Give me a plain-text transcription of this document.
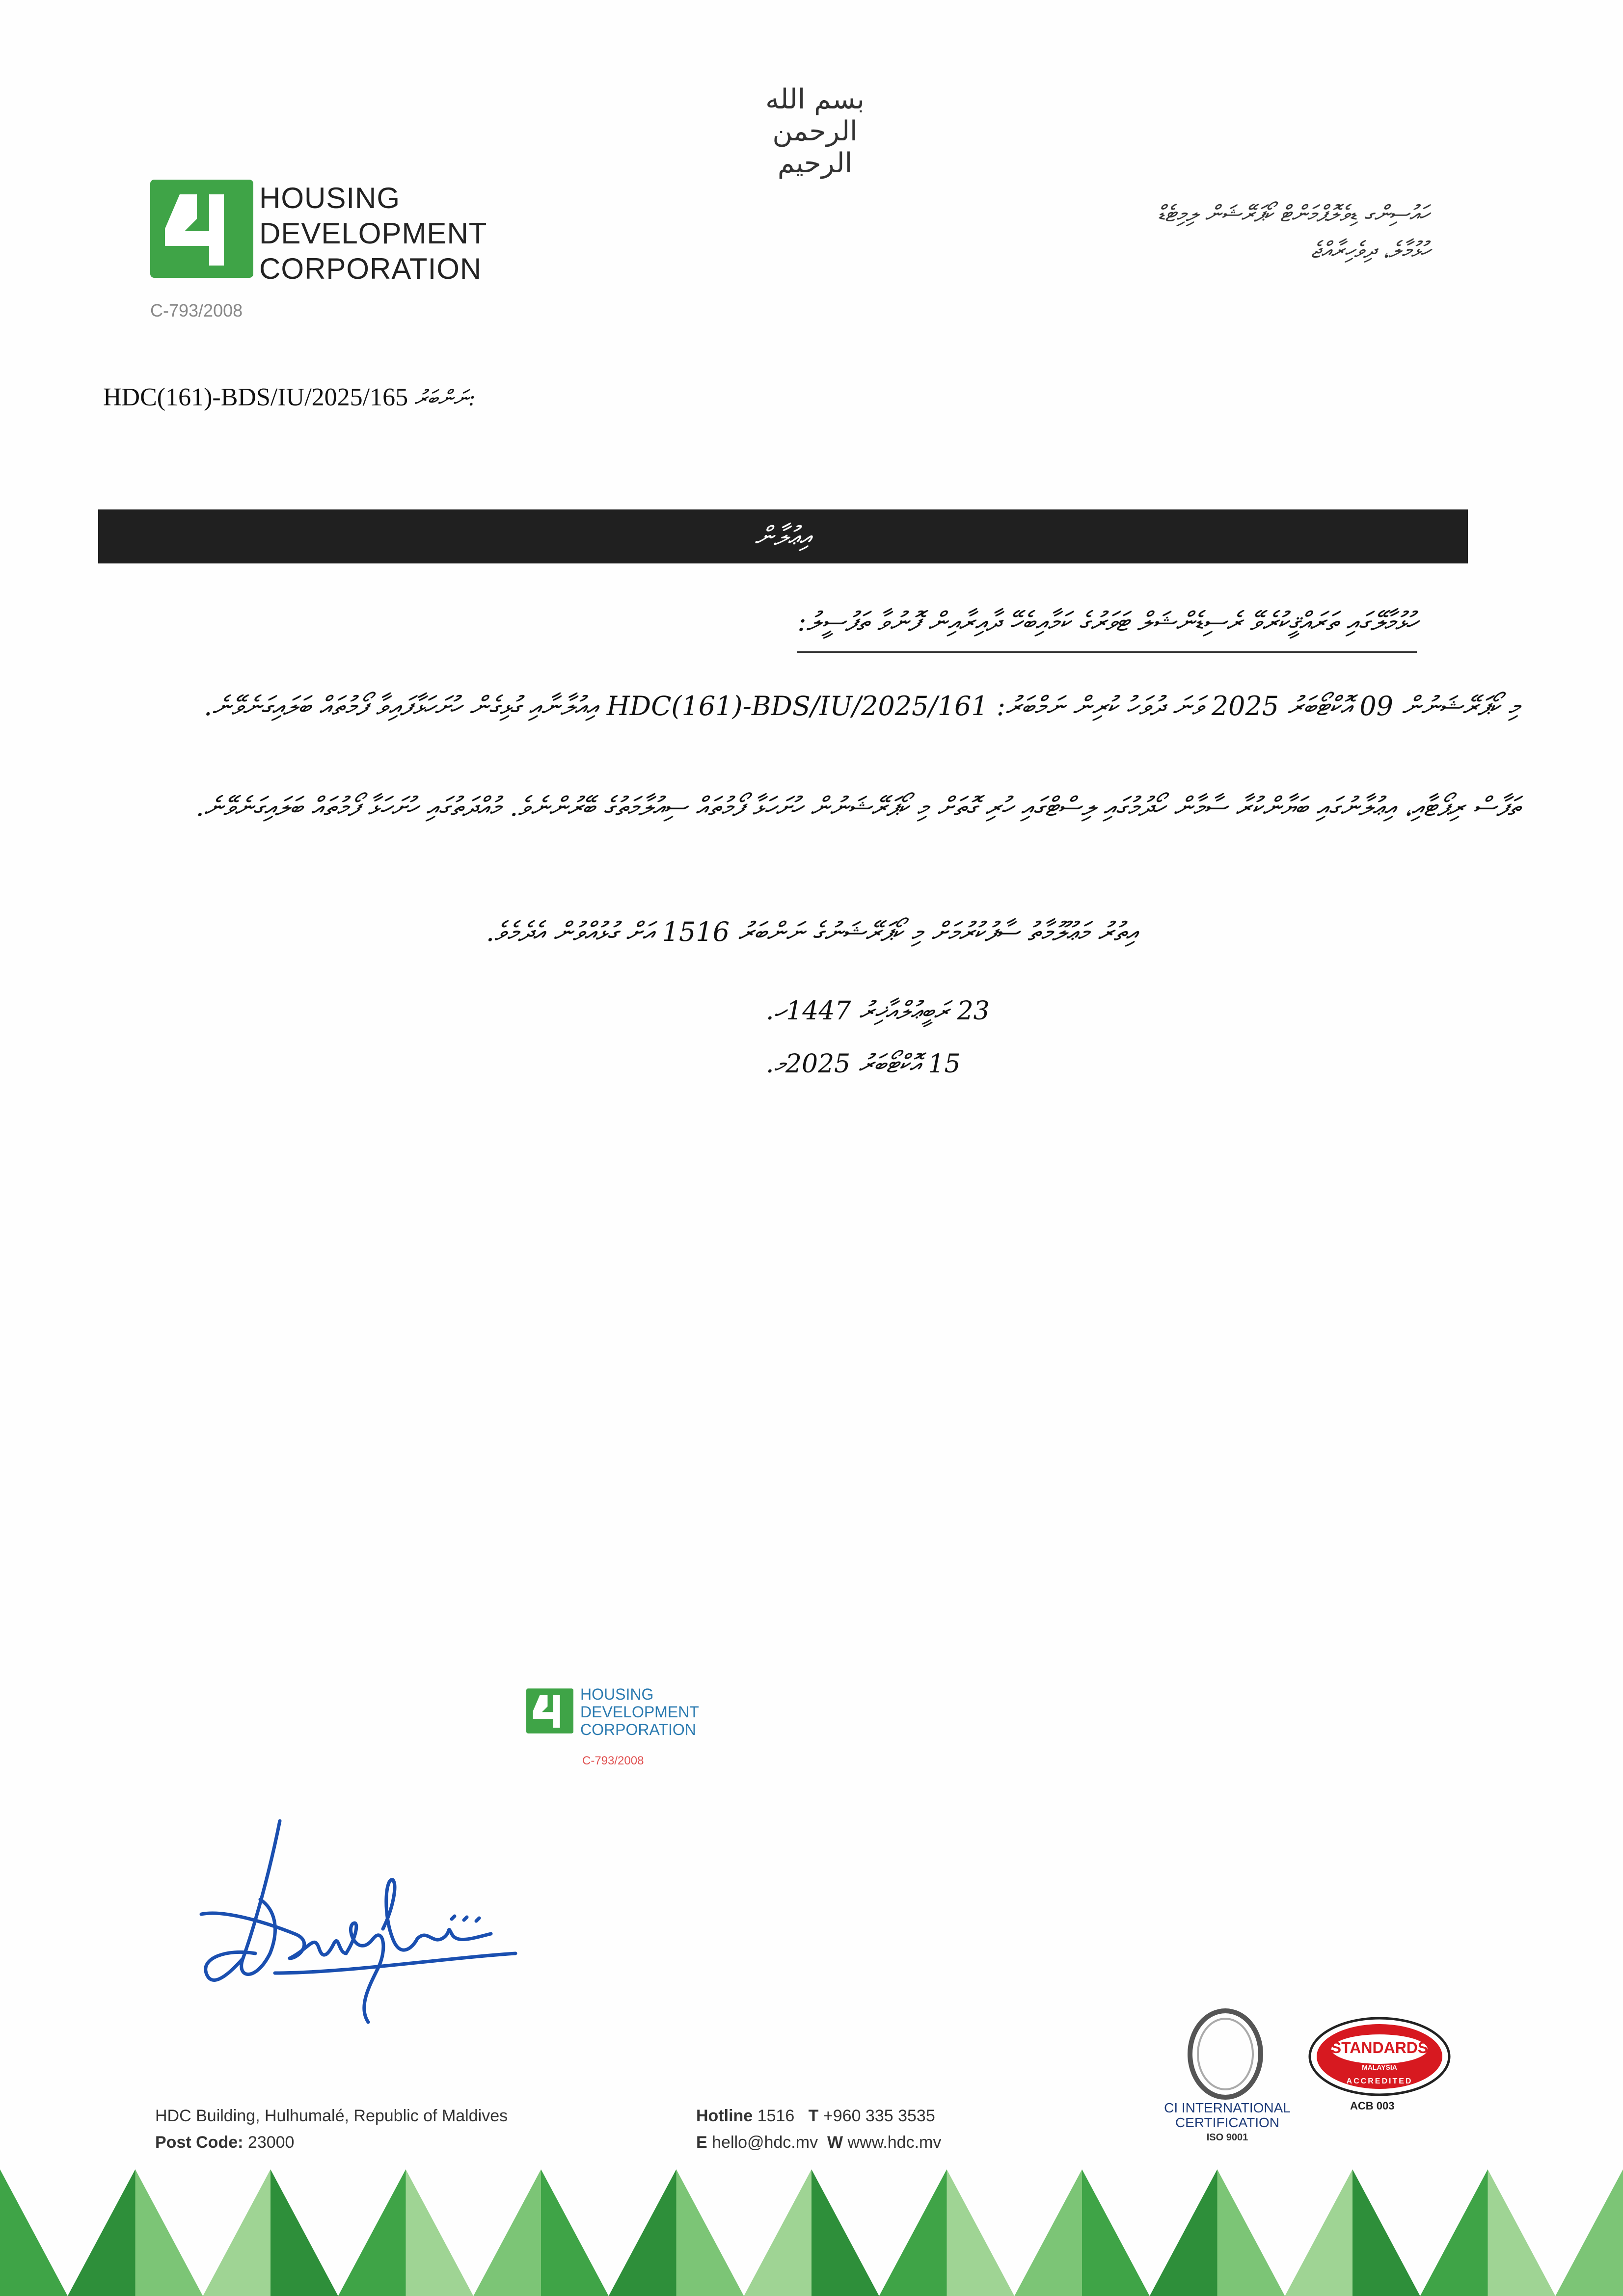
بسم الله الرحمن الرحيم
HOUSING
DEVELOPMENT
CORPORATION
C-793/2008
ހައުސިންގ ޑިވެލޮޕްމަންޓް ކޯޕަރޭޝަން ލިމިޓެޑް
ހުޅުމާލެ، ދިވެހިރާއްޖެ
HDC(161)-BDS/IU/2025/165 ނަންބަރު:
އިޢުލާން
ހުޅުމާލޭގައި ތަރައްޤީކުރެވޭ ރެސިޑެންޝަލް ޓަވަރުގެ ކަމާއިބެހޭ ދާއިރާއިން ފޮނުވާ ތަފުސީލު:
މި ކޯޕަރޭޝަނުން 09 އޮކްޓޯބަރު 2025 ވަނަ ދުވަހު ކުރިން ނަމްބަރު: HDC(161)-BDS/IU/2025/161 އިއުލާނާއި ގުޅިގެން ހުށަހަޅާފައިވާ ފޯމުތައް ބަލައިގަނެވޭނެ.
ތަފާސް ރިޕޯޓާއި، އިޢުލާނުގައި ބަޔާންކުރާ ސާމާން ހޯދުމުގައި ލިސްޓްގައި ހުރި ގޮތަށް މި ކޯޕަރޭޝަނުން ހުށަހަޅާ ފޯމުތައް ސިއުލާމަތުގެ ބޭރުންނެވެ. މުއްދަތުގައި ހުށަހަޅާ ފޯމުތައް ބަލައިގަނެވޭނެ.
އިތުރު މަޢުލޫމާތު ސާފުކުރުމަށް މި ކޯޕަރޭޝަނުގެ ނަންބަރު 1516 އަށް ގުޅުއްވުން އެދެމެވެ.
23 ރަބީޢުލްއާޚިރު 1447ހ.
15 އޮކްޓޯބަރު 2025މ.
HOUSING
DEVELOPMENT
CORPORATION
C-793/2008
HDC Building, Hulhumalé, Republic of Maldives
Post Code: 23000
Hotline 1516 T +960 335 3535
E hello@hdc.mv W www.hdc.mv
CI INTERNATIONAL
CERTIFICATION
ISO 9001
STANDARDS
MALAYSIA
ACCREDITED
ACB 003
